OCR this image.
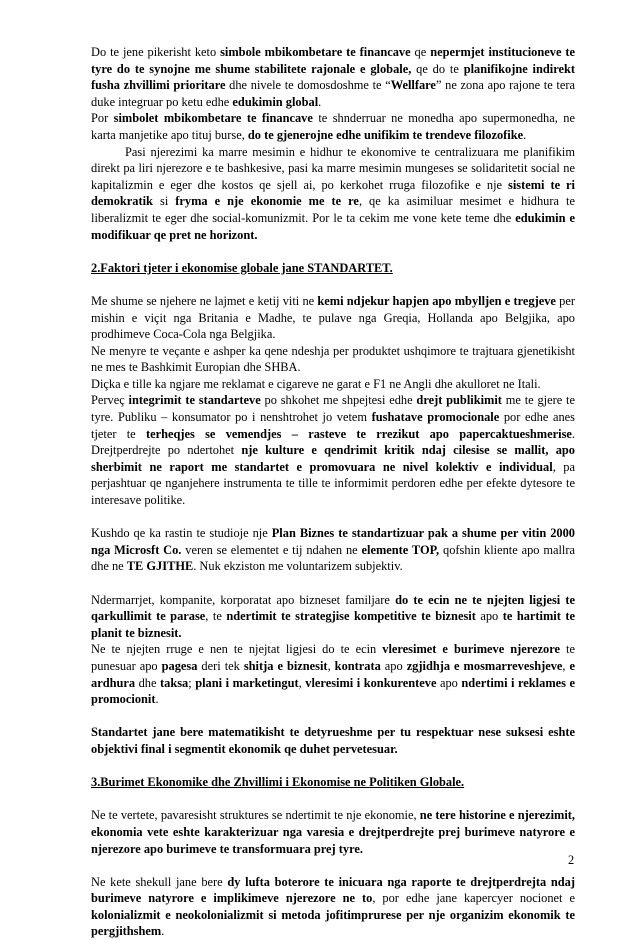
Do te jene pikerisht keto simbole mbikombetare te financave qe nepermjet institucioneve te tyre do te synojne me shume stabilitete rajonale e globale, qe do te planifikojne indirekt fusha zhvillimi prioritare dhe nivele te domosdoshme te “Wellfare” ne zona apo rajone te tera duke integruar po ketu edhe edukimin global.

Por simbolet mbikombetare te financave te shnderruar ne monedha apo supermonedha, ne karta manjetike apo tituj burse, do te gjenerojne edhe unifikim te trendeve filozofike.

Pasi njerezimi ka marre mesimin e hidhur te ekonomive te centralizuara me planifikim direkt pa liri njerezore e te bashkesive, pasi ka marre mesimin mungeses se solidaritetit social ne kapitalizmin e eger dhe kostos qe sjell ai, po kerkohet rruga filozofike e nje sistemi te ri demokratik si fryma e nje ekonomie me te re, qe ka asimiluar mesimet e hidhura te liberalizmit te eger dhe social-komunizmit. Por le ta cekim me vone kete teme dhe edukimin e modifikuar qe pret ne horizont.

2.Faktori tjeter i ekonomise globale jane STANDARTET.

Me shume se njehere ne lajmet e ketij viti ne kemi ndjekur hapjen apo mbylljen e tregjeve per mishin e viçit nga Britania e Madhe, te pulave nga Greqia, Hollanda apo Belgjika, apo prodhimeve Coca-Cola nga Belgjika.

Ne menyre te veçante e ashper ka qene ndeshja per produktet ushqimore te trajtuara gjenetikisht ne mes te Bashkimit Europian dhe SHBA.

Diçka e tille ka ngjare me reklamat e cigareve ne garat e F1 ne Angli dhe akulloret ne Itali.

Perveç integrimit te standarteve po shkohet me shpejtesi edhe drejt publikimit me te gjere te tyre. Publiku – konsumator po i nenshtrohet jo vetem fushatave promocionale por edhe anes tjeter te terheqjes se vemendjes – rasteve te rrezikut apo papercaktueshmerise. Drejtperdrejte po ndertohet nje kulture e qendrimit kritik ndaj cilesise se mallit, apo sherbimit ne raport me standartet e promovuara ne nivel kolektiv e individual, pa perjashtuar qe nganjehere instrumenta te tille te informimit perdoren edhe per efekte dytesore te interesave politike.

Kushdo qe ka rastin te studioje nje Plan Biznes te standartizuar pak a shume per vitin 2000 nga Microsft Co. veren se elementet e tij ndahen ne elemente TOP, qofshin kliente apo mallra dhe ne TE GJITHE. Nuk ekziston me voluntarizem subjektiv.

Ndermarrjet, kompanite, korporatat apo bizneset familjare do te ecin ne te njejten ligjesi te qarkullimit te parase, te ndertimit te strategjise kompetitive te biznesit apo te hartimit te planit te biznesit.

Ne te njejten rruge e nen te njejtat ligjesi do te ecin vleresimet e burimeve njerezore te punesuar apo pagesa deri tek shitja e biznesit, kontrata apo zgjidhja e mosmarreveshjeve, e ardhura dhe taksa; plani i marketingut, vleresimi i konkurenteve apo ndertimi i reklames e promocionit.

Standartet jane bere matematikisht te detyrueshme per tu respektuar nese suksesi eshte objektivi final i segmentit ekonomik qe duhet pervetesuar.

3.Burimet Ekonomike dhe Zhvillimi i Ekonomise ne Politiken Globale.

Ne te vertete, pavaresisht struktures se ndertimit te nje ekonomie, ne tere historine e njerezimit, ekonomia vete eshte karakterizuar nga varesia e drejtperdrejte prej burimeve natyrore e njerezore apo burimeve te transformuara prej tyre.

Ne kete shekull jane bere dy lufta boterore te inicuara nga raporte te drejtperdrejta ndaj burimeve natyrore e implikimeve njerezore ne to, por edhe jane kapercyer nocionet e kolonializmit e neokolonializmit si metoda jofitimprurese per nje organizim ekonomik te pergjithshem.

2
